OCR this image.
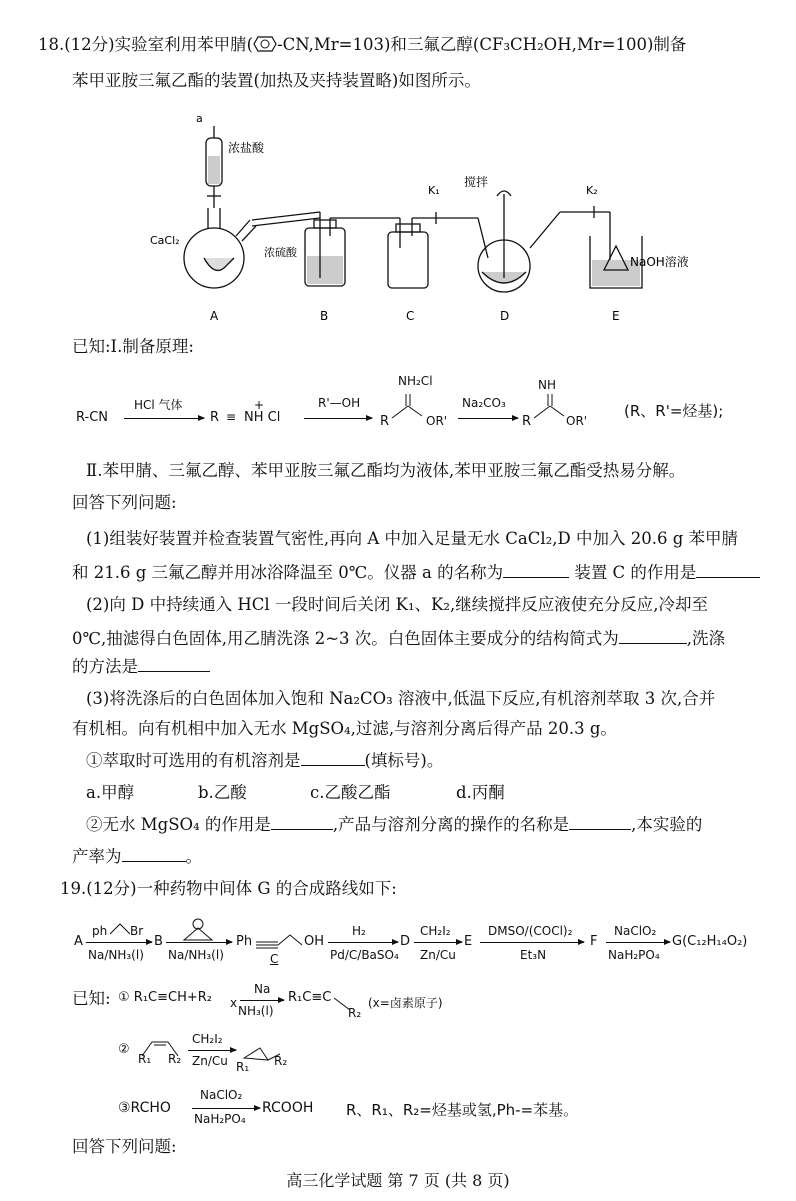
18.(12分)实验室利用苯甲腈( -CN,Mr=103)和三氟乙醇(CF₃CH₂OH,Mr=100)制备
苯甲亚胺三氟乙酯的装置(加热及夹持装置略)如图所示。
a
浓盐酸
CaCl₂
浓硫酸
K₁
搅拌
K₂
NaOH溶液
A	B	C	D	E
已知:Ⅰ.制备原理:
R-CN
HCl 气体
R ≡ NH Cl
+	R'—OH
NH₂Cl
R	OR'
Na₂CO₃
NH
R	OR'
(R、R'=烃基);
Ⅱ.苯甲腈、三氟乙醇、苯甲亚胺三氟乙酯均为液体,苯甲亚胺三氟乙酯受热易分解。
回答下列问题:
(1)组装好装置并检查装置气密性,再向 A 中加入足量无水 CaCl₂,D 中加入 20.6 g 苯甲腈
和 21.6 g 三氟乙醇并用冰浴降温至 0℃。仪器 a 的名称为	装置 C 的作用是
(2)向 D 中持续通入 HCl 一段时间后关闭 K₁、K₂,继续搅拌反应液使充分反应,冷却至
0℃,抽滤得白色固体,用乙腈洗涤 2~3 次。白色固体主要成分的结构简式为	,洗涤
的方法是
(3)将洗涤后的白色固体加入饱和 Na₂CO₃ 溶液中,低温下反应,有机溶剂萃取 3 次,合并
有机相。向有机相中加入无水 MgSO₄,过滤,与溶剂分离后得产品 20.3 g。
①萃取时可选用的有机溶剂是	(填标号)。
a.甲醇	b.乙酸	c.乙酸乙酯	d.丙酮
②无水 MgSO₄ 的作用是	,产品与溶剂分离的操作的名称是	,本实验的
产率为	。
19.(12分)一种药物中间体 G 的合成路线如下:
A
ph Br
Na/NH₃(l)
B
Na/NH₃(l)
Ph	OH
C
H₂
Pd/C/BaSO₄
D
CH₂I₂
Zn/Cu
E
DMSO/(COCl)₂
Et₃N
F
NaClO₂
NaH₂PO₄
G(C₁₂H₁₄O₂)
已知: ① R₁C≡CH+R₂ x
Na
NH₃(l)
R₁C≡C
R₂
(x=卤素原子)
②
R₁ R₂
CH₂I₂
Zn/Cu R₁ R₂
③RCHO
NaClO₂
NaH₂PO₄
RCOOH R、R₁、R₂=烃基或氢,Ph-=苯基。
回答下列问题:
高三化学试题 第 7 页 (共 8 页)
